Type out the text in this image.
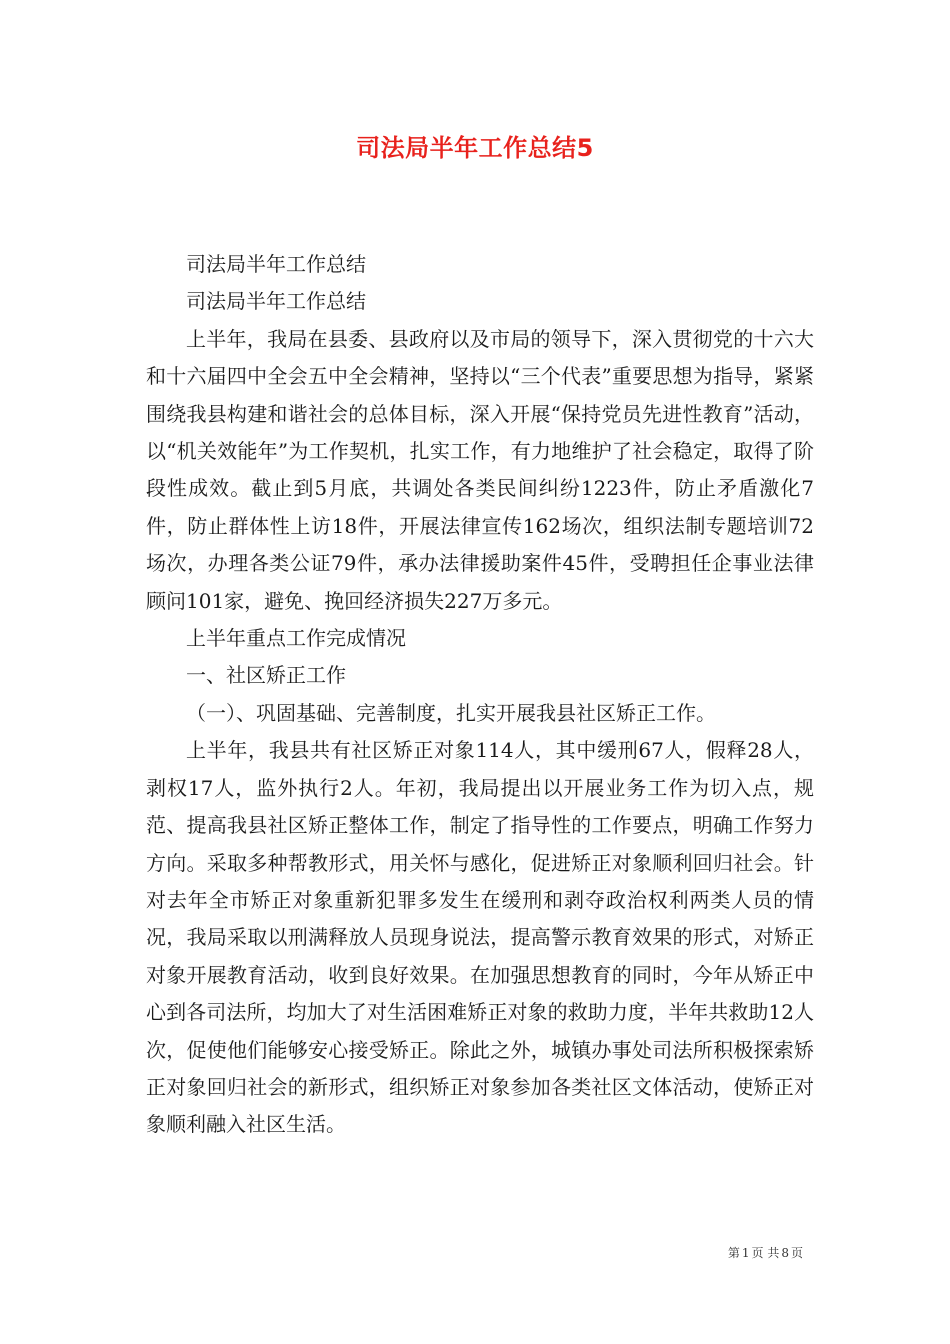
司法局半年工作总结5

司法局半年工作总结

司法局半年工作总结

上半年，我局在县委、县政府以及市局的领导下，深入贯彻党的十六大和十六届四中全会五中全会精神，坚持以“三个代表”重要思想为指导，紧紧围绕我县构建和谐社会的总体目标，深入开展“保持党员先进性教育”活动，以“机关效能年”为工作契机，扎实工作，有力地维护了社会稳定，取得了阶段性成效。截止到5月底，共调处各类民间纠纷1223件，防止矛盾激化7件，防止群体性上访18件，开展法律宣传162场次，组织法制专题培训72场次，办理各类公证79件，承办法律援助案件45件，受聘担任企事业法律顾问101家，避免、挽回经济损失227万多元。

上半年重点工作完成情况

一、社区矫正工作

（一）、巩固基础、完善制度，扎实开展我县社区矫正工作。

上半年，我县共有社区矫正对象114人，其中缓刑67人，假释28人，剥权17人，监外执行2人。年初，我局提出以开展业务工作为切入点，规范、提高我县社区矫正整体工作，制定了指导性的工作要点，明确工作努力方向。采取多种帮教形式，用关怀与感化，促进矫正对象顺利回归社会。针对去年全市矫正对象重新犯罪多发生在缓刑和剥夺政治权利两类人员的情况，我局采取以刑满释放人员现身说法，提高警示教育效果的形式，对矫正对象开展教育活动，收到良好效果。在加强思想教育的同时，今年从矫正中心到各司法所，均加大了对生活困难矫正对象的救助力度，半年共救助12人次，促使他们能够安心接受矫正。除此之外，城镇办事处司法所积极探索矫正对象回归社会的新形式，组织矫正对象参加各类社区文体活动，使矫正对象顺利融入社区生活。

第 1 页 共 8 页
